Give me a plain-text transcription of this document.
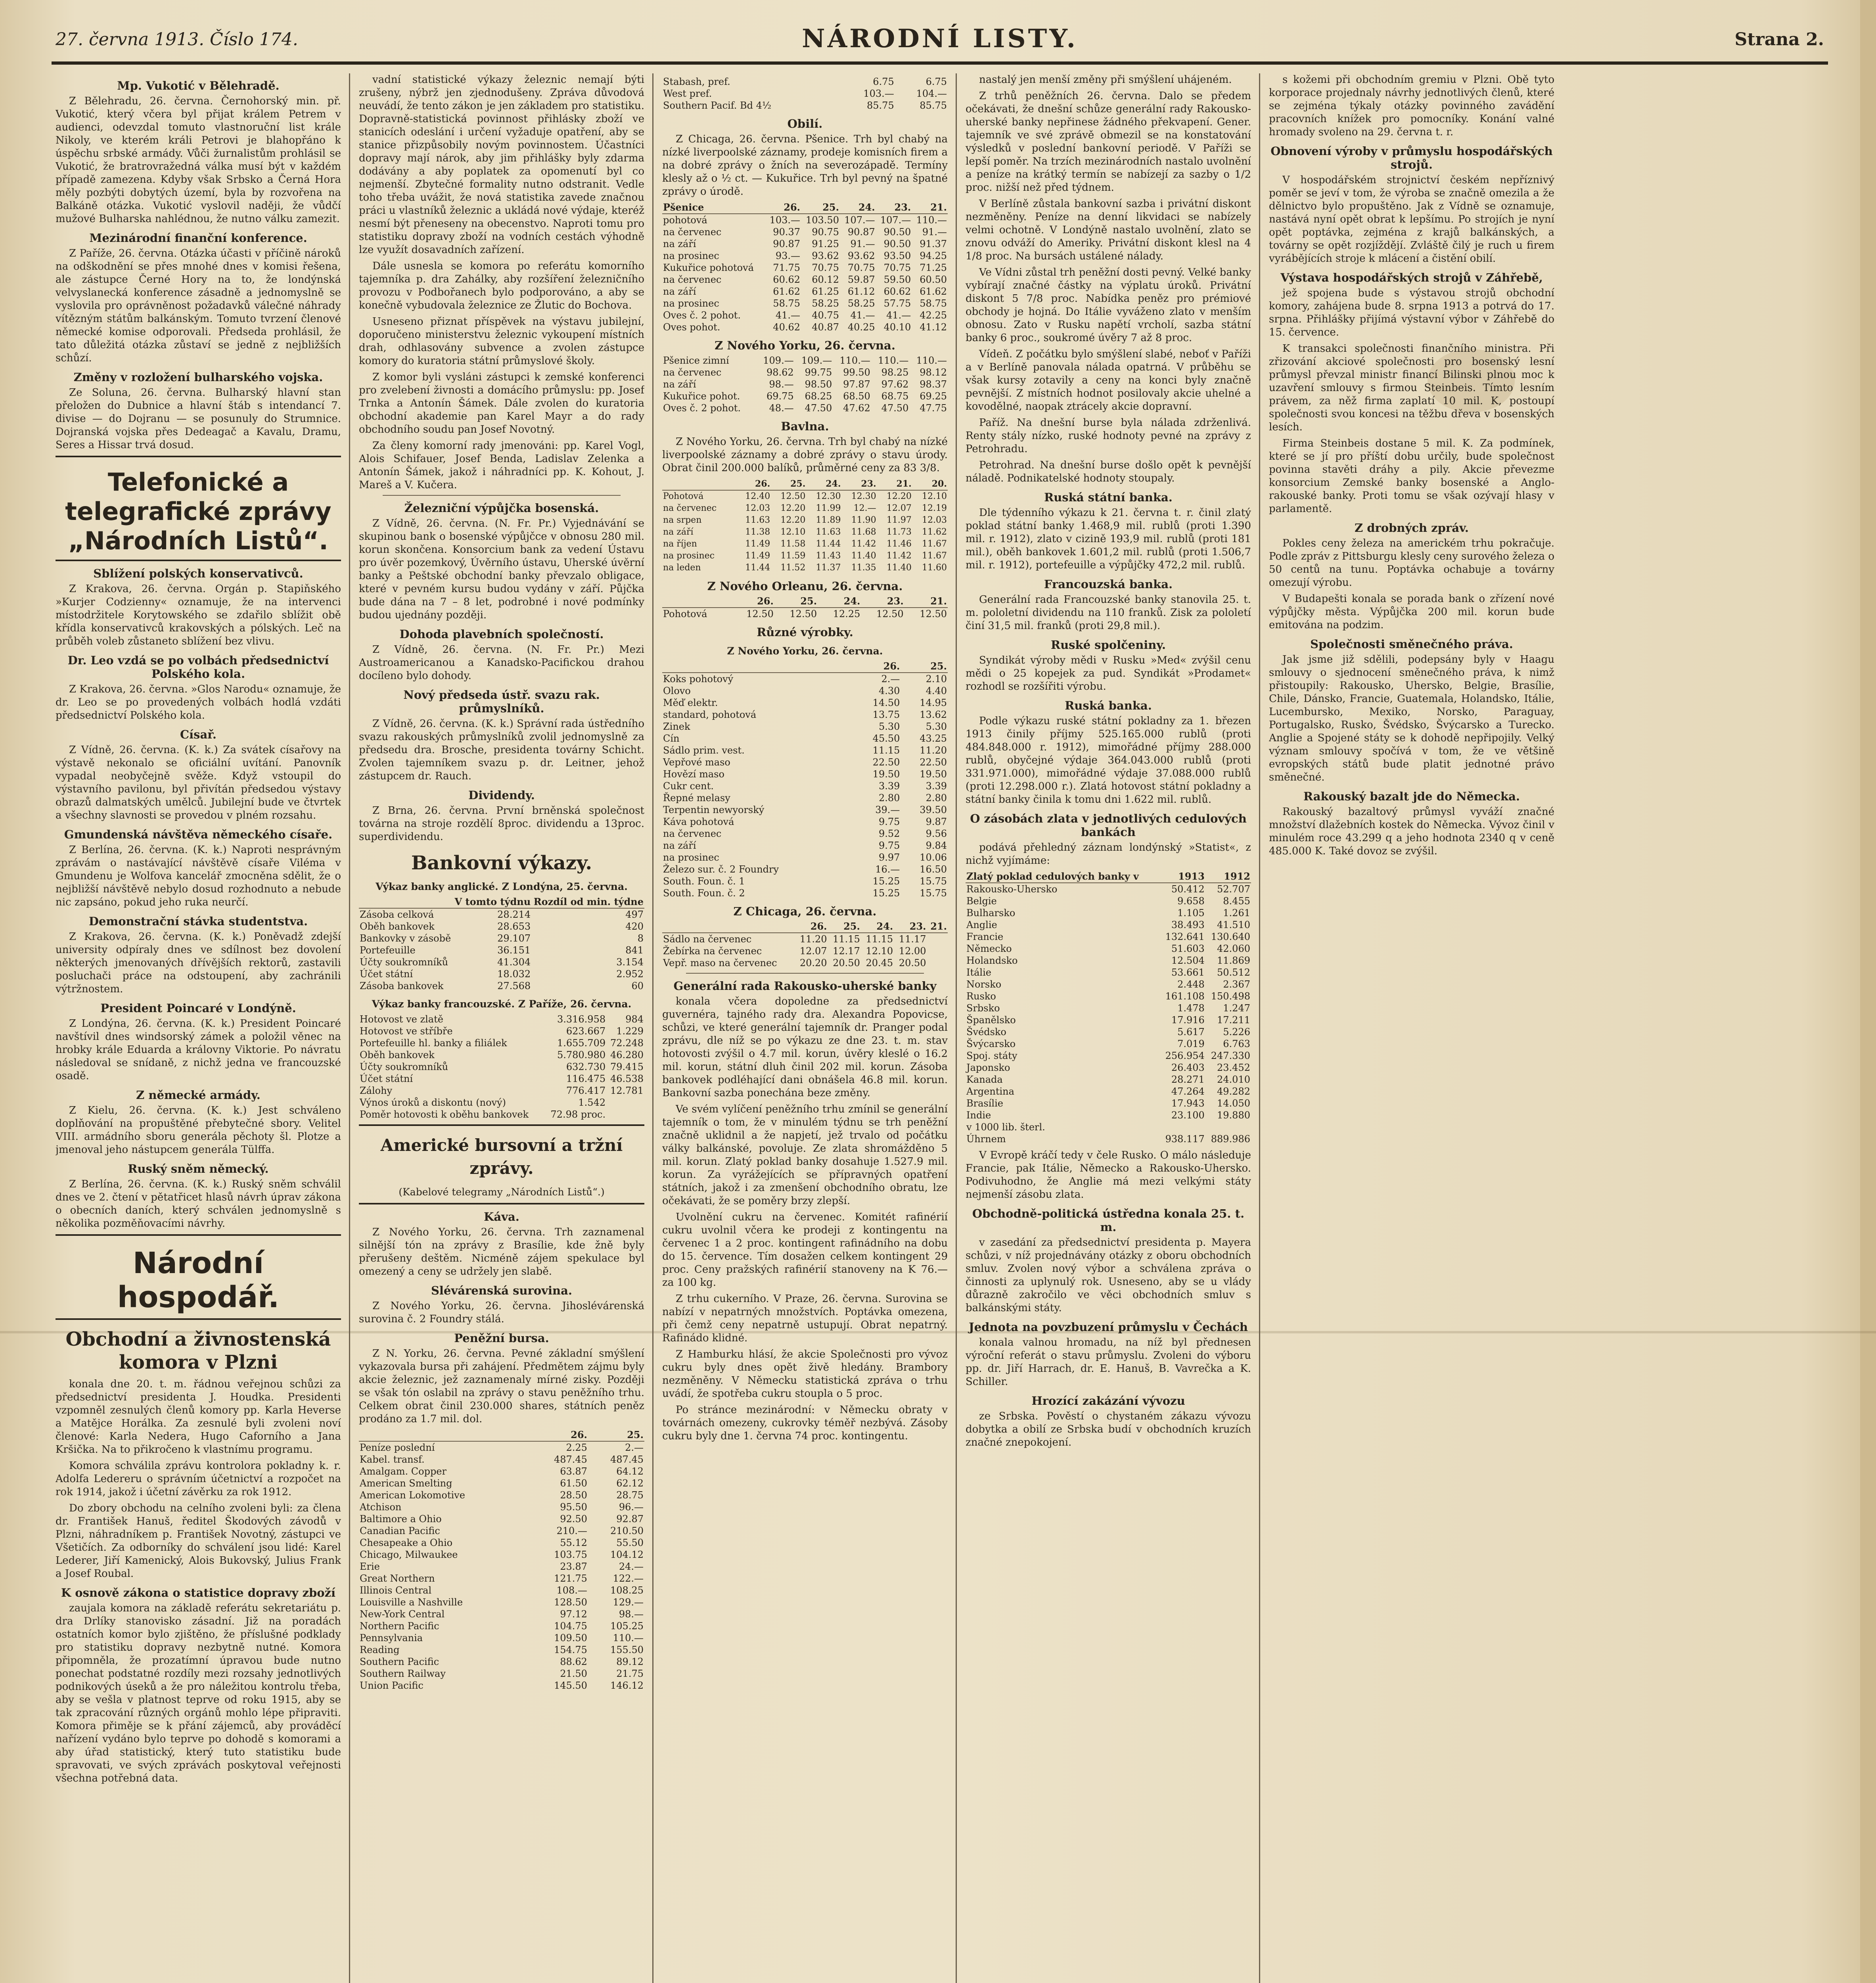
27. června 1913. Číslo 174.	NÁRODNÍ LISTY.	Strana 2.
Mp. Vukotić v Bělehradě.

Z Bělehradu, 26. června. Černohorský min. př. Vukotić, který včera byl přijat králem Petrem v audienci, odevzdal tomuto vlastnoruční list krále Nikoly, ve kterém králi Petrovi je blahopřáno k úspěchu srbské armády. Vůči žurnalistům prohlásil se Vukotić, že bratrovražedná válka musí být v každém případě zamezena. Kdyby však Srbsko a Černá Hora měly pozbýti dobytých území, byla by rozvořena na Balkáně otázka. Vukotić vyslovil naději, že vůdčí mužové Bulharska nahlédnou, že nutno válku zamezit.

Mezinárodní finanční konference.

Z Paříže, 26. června. Otázka účasti v příčině nároků na odškodnění se přes mnohé dnes v komisi řešena, ale zástupce Černé Hory na to, že londýnská velvyslanecká konference zásadně a jednomyslně se vyslovila pro oprávněnost požadavků válečné náhrady vítězným státům balkánským. Tomuto tvrzení členové německé komise odporovali. Předseda prohlásil, že tato důležitá otázka zůstaví se jedně z nejbližších schůzí.

Změny v rozložení bulharského vojska.

Ze Soluna, 26. června. Bulharský hlavní stan přeložen do Dubnice a hlavní štáb s intendancí 7. divise — do Dojranu — se posunuly do Strumnice. Dojranská vojska přes Dedeagač a Kavalu, Dramu, Seres a Hissar trvá dosud.

Telefonické a telegrafické zprávy „Národních Listů“.
Sblížení polských konservativců.

Z Krakova, 26. června. Orgán p. Stapiňského »Kurjer Codzienny« oznamuje, že na intervenci místodržitele Korytowského se zdařilo sblížit obě křídla konservativců krakovských a pólských. Leč na průběh voleb zůstaneto sblížení bez vlivu.

Dr. Leo vzdá se po volbách předsednictví Polského kola.

Z Krakova, 26. června. »Glos Narodu« oznamuje, že dr. Leo se po provedených volbách hodlá vzdáti předsednictví Polského kola.

Císař.

Z Vídně, 26. června. (K. k.) Za svátek císařovy na výstavě nekonalo se oficiální uvítání. Panovník vypadal neobyčejně svěže. Když vstoupil do výstavního pavilonu, byl přivítán předsedou výstavy obrazů dalmatských umělců. Jubilejní bude ve čtvrtek a všechny slavnosti se provedou v plném rozsahu.

Gmundenská návštěva německého císaře.

Z Berlína, 26. června. (K. k.) Naproti nesprávným zprávám o nastávající návštěvě císaře Viléma v Gmundenu je Wolfova kancelář zmocněna sdělit, že o nejbližší návštěvě nebylo dosud rozhodnuto a nebude nic zapsáno, pokud jeho ruka neurčí.

Demonstrační stávka studentstva.

Z Krakova, 26. června. (K. k.) Poněvadž zdejší university odpíraly dnes ve sdílnost bez dovolení některých jmenovaných dřívějších rektorů, zastavili posluchači práce na odstoupení, aby zachránili výtržnostem.

President Poincaré v Londýně.

Z Londýna, 26. června. (K. k.) President Poincaré navštívil dnes windsorský zámek a položil věnec na hrobky krále Eduarda a královny Viktorie. Po návratu následoval se snídaně, z nichž jedna ve francouzské osadě.

Z německé armády.

Z Kielu, 26. června. (K. k.) Jest schváleno doplňování na propuštěné přebytečné sbory. Velitel VIII. armádního sboru generála pěchoty šl. Plotze a jmenoval jeho nástupcem generála Tülffa.

Ruský sněm německý.

Z Berlína, 26. června. (K. k.) Ruský sněm schválil dnes ve 2. čtení v pětatřicet hlasů návrh úprav zákona o obecních daních, který schválen jednomyslně s několika pozměňovacími návrhy.

Národní hospodář.
Obchodní a živnostenská komora v Plzni

konala dne 20. t. m. řádnou veřejnou schůzi za předsednictví presidenta J. Houdka. Presidenti vzpomněl zesnulých členů komory pp. Karla Heverse a Matějce Horálka. Za zesnulé byli zvoleni noví členové: Karla Nedera, Hugo Caforního a Jana Kršička. Na to přikročeno k vlastnímu programu.

Komora schválila zprávu kontrolora pokladny k. r. Adolfa Ledereru o správním účetnictví a rozpočet na rok 1914, jakož i účetní závěrku za rok 1912.

Do zbory obchodu na celního zvoleni byli: za člena dr. František Hanuš, ředitel Škodových závodů v Plzni, náhradníkem p. František Novotný, zástupci ve Všetičích. Za odborníky do schválení jsou lidé: Karel Lederer, Jiří Kamenický, Alois Bukovský, Julius Frank a Josef Roubal.

K osnově zákona o statistice dopravy zboží

zaujala komora na základě referátu sekretariátu p. dra Drlíky stanovisko zásadní. Již na poradách ostatních komor bylo zjištěno, že příslušné podklady pro statistiku dopravy nezbytně nutné. Komora připomněla, že prozatímní úpravou bude nutno ponechat podstatné rozdíly mezi rozsahy jednotlivých podnikových úseků a že pro náležitou kontrolu třeba, aby se vešla v platnost teprve od roku 1915, aby se tak zpracování různých orgánů mohlo lépe připraviti. Komora přiměje se k přání zájemců, aby prováděcí nařízení vydáno bylo teprve po dohodě s komorami a aby úřad statistický, který tuto statistiku bude spravovati, ve svých zprávách poskytoval veřejnosti všechna potřebná data.

vadní statistické výkazy železnic nemají býti zrušeny, nýbrž jen zjednodušeny. Zpráva důvodová neuvádí, že tento zákon je jen základem pro statistiku. Dopravně-statistická povinnost přihlásky zboží ve stanicích odeslání i určení vyžaduje opatření, aby se stanice přizpůsobily novým povinnostem. Účastníci dopravy mají nárok, aby jim přihlášky byly zdarma dodávány a aby poplatek za opomenutí byl co nejmenší. Zbytečné formality nutno odstranit. Vedle toho třeba uvážit, že nová statistika zavede značnou práci u vlastníků železnic a ukládá nové výdaje, kteréž nesmí být přeneseny na obecenstvo. Naproti tomu pro statistiku dopravy zboží na vodních cestách výhodně lze využít dosavadních zařízení.

Dále usnesla se komora po referátu komorního tajemníka p. dra Zahálky, aby rozšíření železničního provozu v Podbořanech bylo podporováno, a aby se konečně vybudovala železnice ze Žlutic do Bochova.

Usneseno přiznat příspěvek na výstavu jubilejní, doporučeno ministerstvu železnic vykoupení místních drah, odhlasovány subvence a zvolen zástupce komory do kuratoria státní průmyslové školy.

Z komor byli vysláni zástupci k zemské konferenci pro zvelebení živnosti a domácího průmyslu: pp. Josef Trnka a Antonín Šámek. Dále zvolen do kuratoria obchodní akademie pan Karel Mayr a do rady obchodního soudu pan Josef Novotný.

Za členy komorní rady jmenováni: pp. Karel Vogl, Alois Schifauer, Josef Benda, Ladislav Zelenka a Antonín Šámek, jakož i náhradníci pp. K. Kohout, J. Mareš a V. Kučera.

Železniční výpůjčka bosenská.

Z Vídně, 26. června. (N. Fr. Pr.) Vyjednávání se skupinou bank o bosenské výpůjčce v obnosu 280 mil. korun skončena. Konsorcium bank za vedení Ústavu pro úvěr pozemkový, Úvěrního ústavu, Uherské úvěrní banky a Peštské obchodní banky převzalo obligace, které v pevném kursu budou vydány v září. Půjčka bude dána na 7 – 8 let, podrobné i nové podmínky budou ujednány později.

Dohoda plavebních společností.

Z Vídně, 26. června. (N. Fr. Pr.) Mezi Austroamericanou a Kanadsko-Pacifickou drahou docíleno bylo dohody.

Nový předseda ústř. svazu rak. průmyslníků.

Z Vídně, 26. června. (K. k.) Správní rada ústředního svazu rakouských průmyslníků zvolil jednomyslně za předsedu dra. Brosche, presidenta továrny Schicht. Zvolen tajemníkem svazu p. dr. Leitner, jehož zástupcem dr. Rauch.

Dividendy.

Z Brna, 26. června. První brněnská společnost továrna na stroje rozdělí 8proc. dividendu a 13proc. superdividendu.

Bankovní výkazy.
Výkaz banky anglické. Z Londýna, 25. června.
	V tomto týdnu	Rozdíl od min. týdne
Zásoba celková	28.214	497
Oběh bankovek	28.653	420
Bankovky v zásobě	29.107	8
Portefeuille	36.151	841
Účty soukromníků	41.304	3.154
Účet státní	18.032	2.952
Zásoba bankovek	27.568	60
Výkaz banky francouzské. Z Paříže, 26. června.
Hotovost ve zlatě	3.316.958	984
Hotovost ve stříbře	623.667	1.229
Portefeuille hl. banky a filiálek	1.655.709	72.248
Oběh bankovek	5.780.980	46.280
Účty soukromníků	632.730	79.415
Účet státní	116.475	46.538
Zálohy	776.417	12.781
Výnos úroků a diskontu (nový)	1.542	
Poměr hotovosti k oběhu bankovek	72.98 proc.	
Americké bursovní a tržní zprávy.
(Kabelové telegramy „Národních Listů“.)
Káva.

Z Nového Yorku, 26. června. Trh zaznamenal silnější tón na zprávy z Brasílie, kde žně byly přerušeny deštěm. Nicméně zájem spekulace byl omezený a ceny se udržely jen slabě.

Slévárenská surovina.

Z Nového Yorku, 26. června. Jihoslévárenská surovina č. 2 Foundry stálá.

Peněžní bursa.

Z N. Yorku, 26. června. Pevné základní smýšlení vykazovala bursa při zahájení. Předmětem zájmu byly akcie železnic, jež zaznamenaly mírné zisky. Později se však tón oslabil na zprávy o stavu peněžního trhu. Celkem obrat činil 230.000 shares, státních peněz prodáno za 1.7 mil. dol.

	26.	25.
Peníze poslední	2.25	2.—
Kabel. transf.	487.45	487.45
Amalgam. Copper	63.87	64.12
American Smelting	61.50	62.12
American Lokomotive	28.50	28.75
Atchison	95.50	96.—
Baltimore a Ohio	92.50	92.87
Canadian Pacific	210.—	210.50
Chesapeake a Ohio	55.12	55.50
Chicago, Milwaukee	103.75	104.12
Erie	23.87	24.—
Great Northern	121.75	122.—
Illinois Central	108.—	108.25
Louisville a Nashville	128.50	129.—
New-York Central	97.12	98.—
Northern Pacific	104.75	105.25
Pennsylvania	109.50	110.—
Reading	154.75	155.50
Southern Pacific	88.62	89.12
Southern Railway	21.50	21.75
Union Pacific	145.50	146.12
Stabash, pref.	6.75	6.75
West pref.	103.—	104.—
Southern Pacif. Bd 4½	85.75	85.75
Obilí.

Z Chicaga, 26. června. Pšenice. Trh byl chabý na nízké liverpoolské záznamy, prodeje komisních firem a na dobré zprávy o žních na severozápadě. Termíny klesly až o ½ ct. — Kukuřice. Trh byl pevný na špatné zprávy o úrodě.

Pšenice	26.	25.	24.	23.	21.
pohotová	103.—	103.50	107.—	107.—	110.—
na červenec	90.37	90.75	90.87	90.50	91.—
na září	90.87	91.25	91.—	90.50	91.37
na prosinec	93.—	93.62	93.62	93.50	94.25
Kukuřice pohotová	71.75	70.75	70.75	70.75	71.25
na červenec	60.62	60.12	59.87	59.50	60.50
na září	61.62	61.25	61.12	60.62	61.62
na prosinec	58.75	58.25	58.25	57.75	58.75
Oves č. 2 pohot.	41.—	40.75	41.—	41.—	42.25
Oves pohot.	40.62	40.87	40.25	40.10	41.12
Z Nového Yorku, 26. června.
Pšenice zimní	109.—	109.—	110.—	110.—	110.—
na červenec	98.62	99.75	99.50	98.25	98.12
na září	98.—	98.50	97.87	97.62	98.37
Kukuřice pohot.	69.75	68.25	68.50	68.75	69.25
Oves č. 2 pohot.	48.—	47.50	47.62	47.50	47.75
Bavlna.

Z Nového Yorku, 26. června. Trh byl chabý na nízké liverpoolské záznamy a dobré zprávy o stavu úrody. Obrat činil 200.000 balíků, průměrné ceny za 83 3/8.

	26.	25.	24.	23.	21.	20.
Pohotová	12.40	12.50	12.30	12.30	12.20	12.10
na červenec	12.03	12.20	11.99	12.—	12.07	12.19
na srpen	11.63	12.20	11.89	11.90	11.97	12.03
na září	11.38	12.10	11.63	11.68	11.73	11.62
na říjen	11.49	11.58	11.44	11.42	11.46	11.67
na prosinec	11.49	11.59	11.43	11.40	11.42	11.67
na leden	11.44	11.52	11.37	11.35	11.40	11.60
Z Nového Orleanu, 26. června.
	26.	25.	24.	23.	21.
Pohotová	12.50	12.50	12.25	12.50	12.50
Různé výrobky.
Z Nového Yorku, 26. června.
	26.	25.
Koks pohotový	2.—	2.10
Olovo	4.30	4.40
Měď elektr.	14.50	14.95
standard, pohotová	13.75	13.62
Zinek	5.30	5.30
Cín	45.50	43.25
Sádlo prim. vest.	11.15	11.20
Vepřové maso	22.50	22.50
Hovězí maso	19.50	19.50
Cukr cent.	3.39	3.39
Řepné melasy	2.80	2.80
Terpentin newyorský	39.—	39.50
Káva pohotová	9.75	9.87
na červenec	9.52	9.56
na září	9.75	9.84
na prosinec	9.97	10.06
Železo sur. č. 2 Foundry	16.—	16.50
South. Foun. č. 1	15.25	15.75
South. Foun. č. 2	15.25	15.75
Z Chicaga, 26. června.
	26.	25.	24.	23.	21.
Sádlo na červenec	11.20	11.15	11.15	11.17	
Žebírka na červenec	12.07	12.17	12.10	12.00	
Vepř. maso na červenec	20.20	20.50	20.45	20.50	
Generální rada Rakousko-uherské banky

konala včera dopoledne za předsednictví guvernéra, tajného rady dra. Alexandra Popovicse, schůzi, ve které generální tajemník dr. Pranger podal zprávu, dle níž se po výkazu ze dne 23. t. m. stav hotovosti zvýšil o 4.7 mil. korun, úvěry kleslé o 16.2 mil. korun, státní dluh činil 202 mil. korun. Zásoba bankovek podléhající dani obnášela 46.8 mil. korun. Bankovní sazba ponechána beze změny.

Ve svém vylíčení peněžního trhu zmínil se generální tajemník o tom, že v minulém týdnu se trh peněžní značně uklidnil a že napjetí, jež trvalo od počátku války balkánské, povoluje. Ze zlata shromážděno 5 mil. korun. Zlatý poklad banky dosahuje 1.527.9 mil. korun. Za vyrážejících se přípravných opatření státních, jakož i za zmenšení obchodního obratu, lze očekávati, že se poměry brzy zlepší.

Uvolnění cukru na červenec. Komitét rafinérií cukru uvolnil včera ke prodeji z kontingentu na červenec 1 a 2 proc. kontingent rafinádního na dobu do 15. července. Tím dosažen celkem kontingent 29 proc. Ceny pražských rafinérií stanoveny na K 76.— za 100 kg.

Z trhu cukerního. V Praze, 26. června. Surovina se nabízí v nepatrných množstvích. Poptávka omezena, při čemž ceny nepatrně ustupují. Obrat nepatrný. Rafinádo klidné.

Z Hamburku hlásí, že akcie Společnosti pro vývoz cukru byly dnes opět živě hledány. Brambory nezměněny. V Německu statistická zpráva o trhu uvádí, že spotřeba cukru stoupla o 5 proc.

Po stránce mezinárodní: v Německu obraty v továrnách omezeny, cukrovky téměř nezbývá. Zásoby cukru byly dne 1. června 74 proc. kontingentu.

nastalý jen menší změny při smýšlení uhájeném.

Z trhů peněžních 26. června. Dalo se předem očekávati, že dnešní schůze generální rady Rakousko-uherské banky nepřinese žádného překvapení. Gener. tajemník ve své zprávě obmezil se na konstatování výsledků v poslední bankovní periodě. V Paříži se lepší poměr. Na trzích mezinárodních nastalo uvolnění a peníze na krátký termín se nabízejí za sazby o 1/2 proc. nižší než před týdnem.

V Berlíně zůstala bankovní sazba i privátní diskont nezměněny. Peníze na denní likvidaci se nabízely velmi ochotně. V Londýně nastalo uvolnění, zlato se znovu odváží do Ameriky. Privátní diskont klesl na 4 1/8 proc. Na bursách ustálené nálady.

Ve Vídni zůstal trh peněžní dosti pevný. Velké banky vybírají značné částky na výplatu úroků. Privátní diskont 5 7/8 proc. Nabídka peněz pro prémiové obchody je hojná. Do Itálie vyváženo zlato v menším obnosu. Zato v Rusku napětí vrcholí, sazba státní banky 6 proc., soukromé úvěry 7 až 8 proc.

Vídeň. Z počátku bylo smýšlení slabé, neboť v Paříži a v Berlíně panovala nálada opatrná. V průběhu se však kursy zotavily a ceny na konci byly značně pevnější. Z místních hodnot posilovaly akcie uhelné a kovodělné, naopak ztrácely akcie dopravní.

Paříž. Na dnešní burse byla nálada zdrženlivá. Renty stály nízko, ruské hodnoty pevné na zprávy z Petrohradu.

Petrohrad. Na dnešní burse došlo opět k pevnější náladě. Podnikatelské hodnoty stoupaly.

Ruská státní banka.

Dle týdenního výkazu k 21. června t. r. činil zlatý poklad státní banky 1.468,9 mil. rublů (proti 1.390 mil. r. 1912), zlato v cizině 193,9 mil. rublů (proti 181 mil.), oběh bankovek 1.601,2 mil. rublů (proti 1.506,7 mil. r. 1912), portefeuille a výpůjčky 472,2 mil. rublů.

Francouzská banka.

Generální rada Francouzské banky stanovila 25. t. m. pololetní dividendu na 110 franků. Zisk za pololetí činí 31,5 mil. franků (proti 29,8 mil.).

Ruské spolčeniny.

Syndikát výroby mědi v Rusku »Med« zvýšil cenu mědi o 25 kopejek za pud. Syndikát »Prodamet« rozhodl se rozšířiti výrobu.

Ruská banka.

Podle výkazu ruské státní pokladny za 1. březen 1913 činily příjmy 525.165.000 rublů (proti 484.848.000 r. 1912), mimořádné příjmy 288.000 rublů, obyčejné výdaje 364.043.000 rublů (proti 331.971.000), mimořádné výdaje 37.088.000 rublů (proti 12.298.000 r.). Zlatá hotovost státní pokladny a státní banky činila k tomu dni 1.622 mil. rublů.

O zásobách zlata v jednotlivých cedulových bankách

podává přehledný záznam londýnský »Statist«, z nichž vyjímáme:

Zlatý poklad cedulových banky v	1913	1912
Rakousko-Uhersko	50.412	52.707
Belgie	9.658	8.455
Bulharsko	1.105	1.261
Anglie	38.493	41.510
Francie	132.641	130.640
Německo	51.603	42.060
Holandsko	12.504	11.869
Itálie	53.661	50.512
Norsko	2.448	2.367
Rusko	161.108	150.498
Srbsko	1.478	1.247
Španělsko	17.916	17.211
Švédsko	5.617	5.226
Švýcarsko	7.019	6.763
Spoj. státy	256.954	247.330
Japonsko	26.403	23.452
Kanada	28.271	24.010
Argentina	47.264	49.282
Brasílie	17.943	14.050
Indie	23.100	19.880
v 1000 lib. šterl.		
Úhrnem	938.117	889.986

V Evropě kráčí tedy v čele Rusko. O málo následuje Francie, pak Itálie, Německo a Rakousko-Uhersko. Podivuhodno, že Anglie má mezi velkými státy nejmenší zásobu zlata.

Obchodně-politická ústředna konala 25. t. m.

v zasedání za předsednictví presidenta p. Mayera schůzi, v níž projednávány otázky z oboru obchodních smluv. Zvolen nový výbor a schválena zpráva o činnosti za uplynulý rok. Usneseno, aby se u vlády důrazně zakročilo ve věci obchodních smluv s balkánskými státy.

Jednota na povzbuzení průmyslu v Čechách

konala valnou hromadu, na níž byl přednesen výroční referát o stavu průmyslu. Zvoleni do výboru pp. dr. Jiří Harrach, dr. E. Hanuš, B. Vavrečka a K. Schiller.

Hrozící zakázání vývozu

ze Srbska. Pověstí o chystaném zákazu vývozu dobytka a obilí ze Srbska budí v obchodních kruzích značné znepokojení.

s kožemi při obchodním gremiu v Plzni. Obě tyto korporace projednaly návrhy jednotlivých členů, které se zejména týkaly otázky povinného zavádění pracovních knížek pro pomocníky. Konání valné hromady svoleno na 29. června t. r.

Obnovení výroby v průmyslu hospodářských strojů.

V hospodářském strojnictví českém nepříznivý poměr se jeví v tom, že výroba se značně omezila a že dělnictvo bylo propuštěno. Jak z Vídně se oznamuje, nastává nyní opět obrat k lepšímu. Po strojích je nyní opět poptávka, zejména z krajů balkánských, a továrny se opět rozjíždějí. Zvláště čilý je ruch u firem vyrábějících stroje k mlácení a čistění obilí.

Výstava hospodářských strojů v Záhřebě,

jež spojena bude s výstavou strojů obchodní komory, zahájena bude 8. srpna 1913 a potrvá do 17. srpna. Přihlášky přijímá výstavní výbor v Záhřebě do 15. července.

K transakci společnosti finančního ministra. Při zřizování akciové společnosti pro bosenský lesní průmysl převzal ministr financí Bilinski plnou moc k uzavření smlouvy s firmou Steinbeis. Tímto lesním právem, za něž firma zaplatí 10 mil. K, postoupí společnosti svou koncesi na těžbu dřeva v bosenských lesích.

Firma Steinbeis dostane 5 mil. K. Za podmínek, které se jí pro příští dobu určily, bude společnost povinna stavěti dráhy a pily. Akcie převezme konsorcium Zemské banky bosenské a Anglo-rakouské banky. Proti tomu se však ozývají hlasy v parlamentě.

Z drobných zpráv.

Pokles ceny železa na americkém trhu pokračuje. Podle zpráv z Pittsburgu klesly ceny surového železa o 50 centů na tunu. Poptávka ochabuje a továrny omezují výrobu.

V Budapešti konala se porada bank o zřízení nové výpůjčky města. Výpůjčka 200 mil. korun bude emitována na podzim.

Společnosti směnečného práva.

Jak jsme již sdělili, podepsány byly v Haagu smlouvy o sjednocení směnečného práva, k nimž přistoupily: Rakousko, Uhersko, Belgie, Brasílie, Chile, Dánsko, Francie, Guatemala, Holandsko, Itálie, Lucembursko, Mexiko, Norsko, Paraguay, Portugalsko, Rusko, Švédsko, Švýcarsko a Turecko. Anglie a Spojené státy se k dohodě nepřipojily. Velký význam smlouvy spočívá v tom, že ve většině evropských států bude platit jednotné právo směnečné.

Rakouský bazalt jde do Německa.

Rakouský bazaltový průmysl vyváží značné množství dlažebních kostek do Německa. Vývoz činil v minulém roce 43.299 q a jeho hodnota 2340 q v ceně 485.000 K. Také dovoz se zvýšil.
